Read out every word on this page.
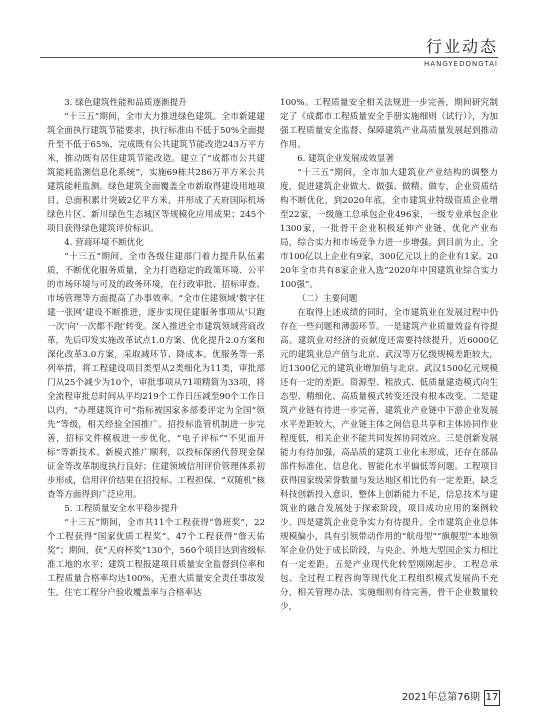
行业动态
HANGYEDONGTAI
3. 绿色建筑性能和品质逐渐提升

“十三五”期间，全市大力推进绿色建筑。全市新建建筑全面执行建筑节能要求，执行标准由不低于50%全面提升至不低于65%，完成既有公共建筑节能改造243万平方米，推动既有居住建筑节能改造。建立了“成都市公共建筑能耗监测信息化系统”，实施69栋共286万平方米公共建筑能耗监测。绿色建筑全面覆盖全市新取得建设用地项目，总面积累计突破2亿平方米，并形成了天府国际机场绿色片区、新川绿色生态城区等规模化应用成果；245个项目获得绿色建筑评价标识。

4. 营商环境不断优化

“十三五”期间，全市各级住建部门着力提升队伍素质，不断优化服务质量，全力打造稳定的政策环境、公平的市场环境与可及的政务环境，在行政审批、招标审查、市场管理等方面提高了办事效率。“全市住建领域‘数字住建一张网’建设不断推进，逐步实现住建服务事项从‘只跑一次’向‘一次都不跑’转变。深入推进全市建筑领域营商改革，先后印发实施改革试点1.0方案、优化提升2.0方案和深化改革3.0方案，采取减环节、降成本、优服务等一系列举措，将工程建设项目类型从2类细化为11类，审批部门从25个减少为10个，审批事项从71项精简为33项，将全流程审批总时间从平均219个工作日压减至90个工作日以内，“办理建筑许可”指标被国家多部委评定为全国“领先”等级，相关经验全国推广。招投标监管机制进一步完善，招标文件模板进一步优化，“电子评标”“不见面开标”等新技术、新模式推广顺利，以投标保函代替现金保证金等改革制度执行良好；住建领域信用评价管理体系初步形成，信用评价结果在招投标、工程担保、“双随机”核查等方面得到广泛应用。

5. 工程质量安全水平稳步提升

“十三五”期间，全市共11个工程获得“鲁班奖”，22个工程获得“国家优质工程奖”，47个工程获得“詹天佑奖”；期间，获“天府杯奖”130个，560个项目达到省级标准工地的水平；建筑工程报建项目质量安全监督到位率和工程质量合格率均达100%，无重大质量安全责任事故发生，住宅工程分户验收覆盖率与合格率达

100%。工程质量安全相关法规进一步完善，期间研究制定了《成都市工程质量安全手册实施细则（试行）》，为加强工程质量安全监督、保障建筑产业高质量发展起到推动作用。

6. 建筑企业发展成效显著

“十三五”期间，全市加大建筑业产业结构的调整力度，促进建筑企业做大、做强、做精、做专，企业资质结构不断优化，到2020年底，全市建筑业特级资质企业增至22家，一级施工总承包企业496家，一级专业承包企业1300家，一批骨干企业积极延伸产业链，优化产业布局，综合实力和市场竞争力进一步增强。到目前为止，全市100亿以上企业有9家，300亿元以上的企业有1家。2020年全市共有8家企业入选“2020年中国建筑业综合实力100强”。

（二）主要问题

在取得上述成绩的同时，全市建筑业在发展过程中仍存在一些问题和薄弱环节。一是建筑产业质量效益有待提高。建筑业对经济的贡献度还需要持续提升，近6000亿元的建筑业总产值与北京、武汉等万亿级规模差距较大，近1300亿元的建筑业增加值与北京、武汉1500亿元规模还有一定的差距。资源型、粗放式、低质量建造模式向生态型、精细化、高质量模式转变还没有根本改变。二是建筑产业链有待进一步完善，建筑业产业链中下游企业发展水平差距较大，产业链主体之间信息共享和主体协同作业程度低，相关企业不能共同发挥协同效应。三是创新发展能力有待加强，高品质的建筑工业化未形成，还存在部品部件标准化、信息化、智能化水平偏低等问题。工程项目获得国家级荣誉数量与发达地区相比仍有一定差距，缺乏科技创新投入意识，整体上创新能力不足，信息技术与建筑业的融合发展处于探索阶段，项目成功应用的案例较少。四是建筑企业竞争实力有待提升。全市建筑企业总体规模偏小，具有引领带动作用的“航母型”“旗舰型”本地领军企业仍处于成长阶段，与央企、外地大型国企实力相比有一定差距。五是产业现代化转型刚刚起步。工程总承包、全过程工程咨询等现代化工程组织模式发展尚不充分，相关管理办法、实施细则有待完善，骨干企业数量较少，

2021年总第76期 17
